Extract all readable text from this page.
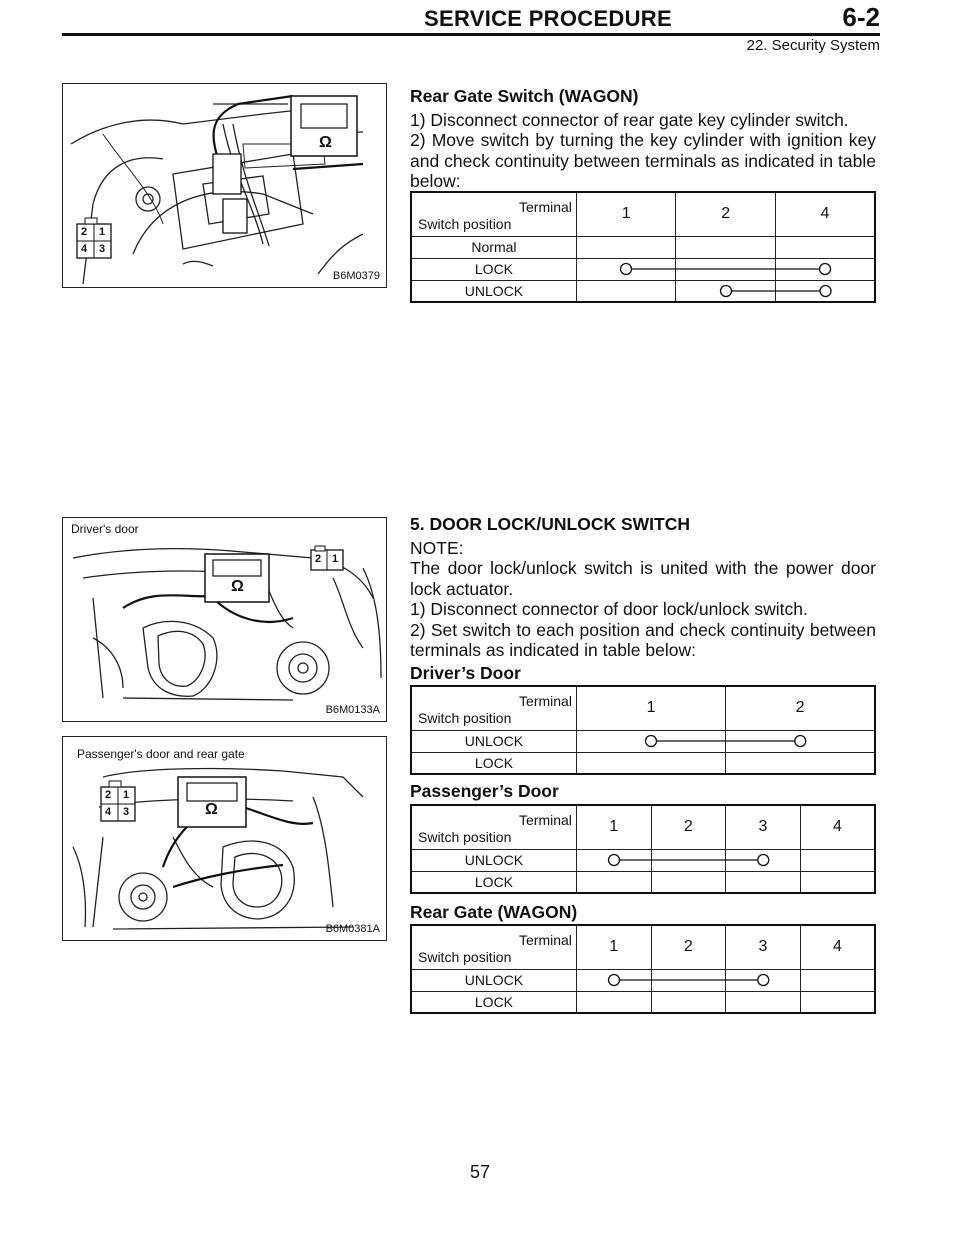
SERVICE PROCEDURE	6-2
22. Security System
Ω
2 1
4 3
B6M0379
Rear Gate Switch (WAGON)
1) Disconnect connector of rear gate key cylinder switch.
2) Move switch by turning the key cylinder with ignition key and check continuity between terminals as indicated in table below:
Terminal
Switch position	1	2	4
Normal			
LOCK			
UNLOCK			
Driver's door
Ω
2 1
B6M0133A
Passenger's door and rear gate
Ω
2 1
4 3
B6M0381A
5. DOOR LOCK/UNLOCK SWITCH
NOTE:
The door lock/unlock switch is united with the power door lock actuator.
1) Disconnect connector of door lock/unlock switch.
2) Set switch to each position and check continuity between terminals as indicated in table below:
Driver’s Door
Terminal
Switch position	1	2
UNLOCK		
LOCK		
Passenger’s Door
Terminal
Switch position	1	2	3	4
UNLOCK				
LOCK				
Rear Gate (WAGON)
Terminal
Switch position	1	2	3	4
UNLOCK				
LOCK				
57
